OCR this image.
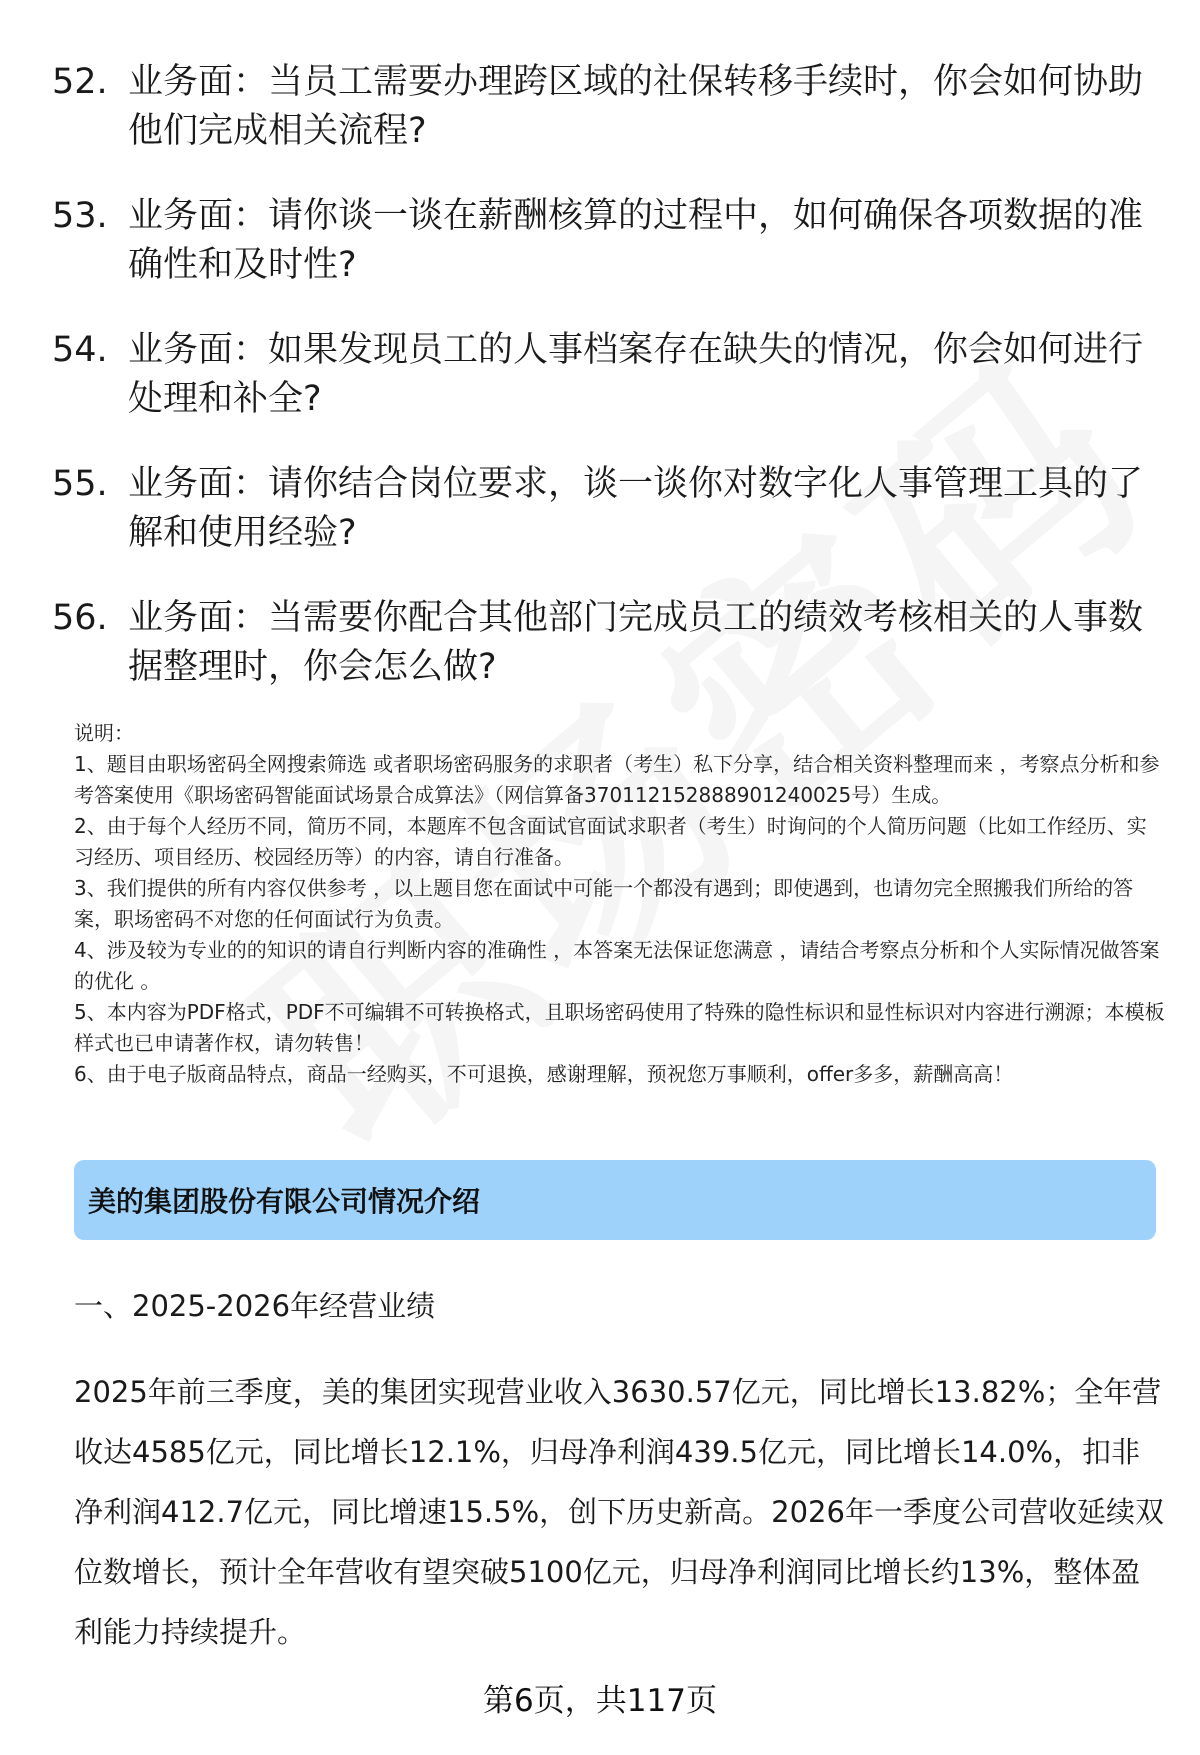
52. 业务面：当员工需要办理跨区域的社保转移手续时，你会如何协助他们完成相关流程?
53. 业务面：请你谈一谈在薪酬核算的过程中，如何确保各项数据的准确性和及时性?
54. 业务面：如果发现员工的人事档案存在缺失的情况，你会如何进行处理和补全?
55. 业务面：请你结合岗位要求，谈一谈你对数字化人事管理工具的了解和使用经验?
56. 业务面：当需要你配合其他部门完成员工的绩效考核相关的人事数据整理时，你会怎么做?

说明：

1、题目由职场密码全网搜索筛选 或者职场密码服务的求职者（考生）私下分享，结合相关资料整理而来 ，考察点分析和参考答案使用《职场密码智能面试场景合成算法》（网信算备370112152888901240025号）生成。

2、由于每个人经历不同，简历不同，本题库不包含面试官面试求职者（考生）时询问的个人简历问题（比如工作经历、实习经历、项目经历、校园经历等）的内容，请自行准备。

3、我们提供的所有内容仅供参考 ，以上题目您在面试中可能一个都没有遇到；即使遇到，也请勿完全照搬我们所给的答案，职场密码不对您的任何面试行为负责。

4、涉及较为专业的的知识的请自行判断内容的准确性 ，本答案无法保证您满意 ，请结合考察点分析和个人实际情况做答案的优化 。

5、本内容为PDF格式，PDF不可编辑不可转换格式，且职场密码使用了特殊的隐性标识和显性标识对内容进行溯源；本模板样式也已申请著作权，请勿转售！

6、由于电子版商品特点，商品一经购买，不可退换，感谢理解，预祝您万事顺利，offer多多，薪酬高高！

美的集团股份有限公司情况介绍
一、2025-2026年经营业绩
2025年前三季度，美的集团实现营业收入3630.57亿元，同比增长13.82%；全年营收达4585亿元，同比增长12.1%，归母净利润439.5亿元，同比增长14.0%，扣非净利润412.7亿元，同比增速15.5%，创下历史新高。2026年一季度公司营收延续双位数增长，预计全年营收有望突破5100亿元，归母净利润同比增长约13%，整体盈利能力持续提升。
第6页，共117页
